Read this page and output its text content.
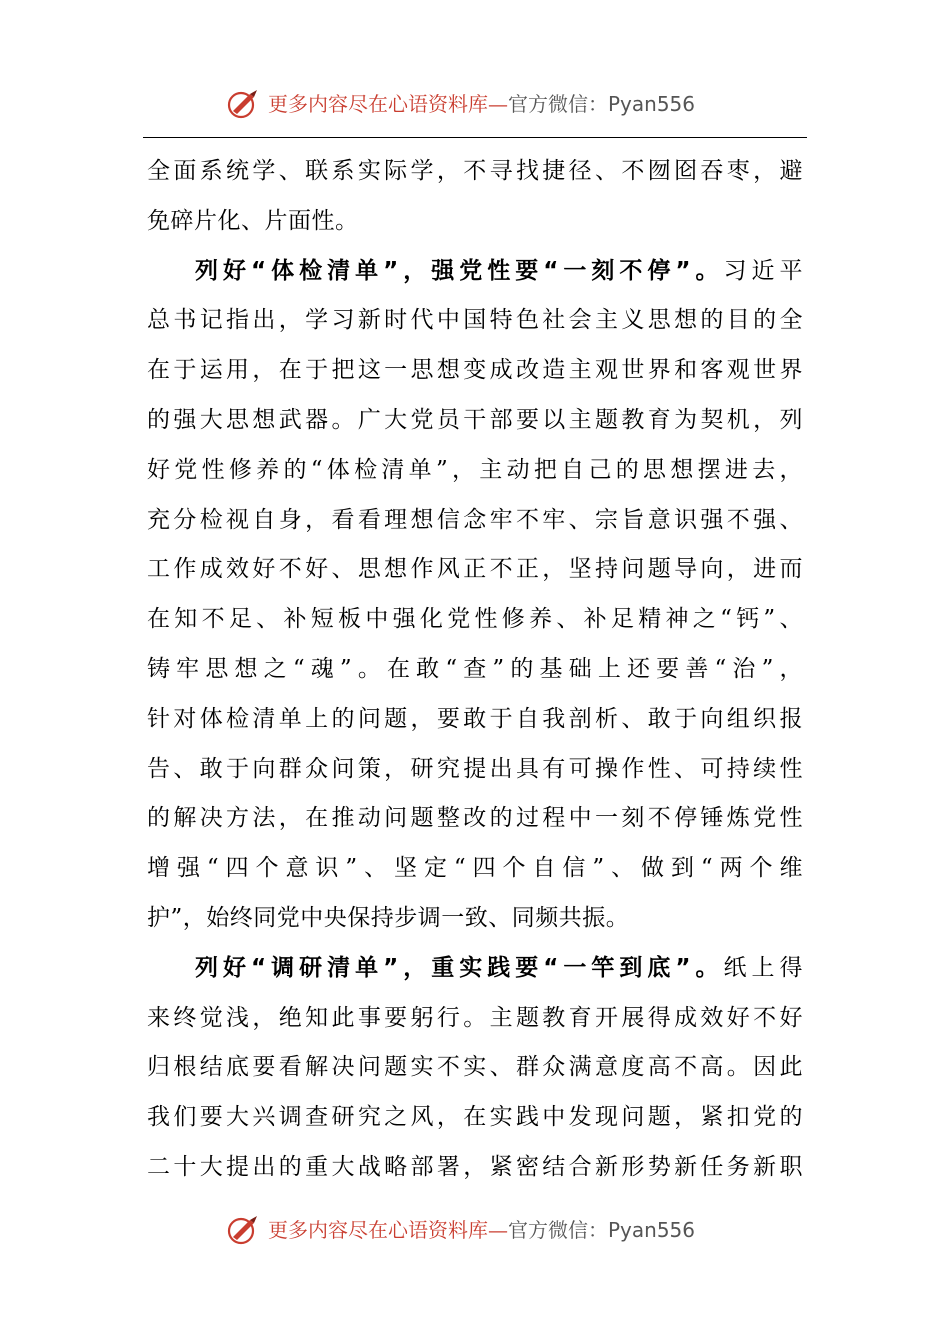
更多内容尽在心语资料库—官方微信：Pyan556
全面系统学、联系实际学，不寻找捷径、不囫囵吞枣，避
免碎片化、片面性。
列好“体检清单”，强党性要“一刻不停”。习近平
总书记指出，学习新时代中国特色社会主义思想的目的全
在于运用，在于把这一思想变成改造主观世界和客观世界
的强大思想武器。广大党员干部要以主题教育为契机，列
好党性修养的“体检清单”，主动把自己的思想摆进去，
充分检视自身，看看理想信念牢不牢、宗旨意识强不强、
工作成效好不好、思想作风正不正，坚持问题导向，进而
在知不足、补短板中强化党性修养、补足精神之“钙”、
铸牢思想之“魂”。在敢“查”的基础上还要善“治”，
针对体检清单上的问题，要敢于自我剖析、敢于向组织报
告、敢于向群众问策，研究提出具有可操作性、可持续性
的解决方法，在推动问题整改的过程中一刻不停锤炼党性
增强“四个意识”、坚定“四个自信”、做到“两个维
护”，始终同党中央保持步调一致、同频共振。
列好“调研清单”，重实践要“一竿到底”。纸上得
来终觉浅，绝知此事要躬行。主题教育开展得成效好不好
归根结底要看解决问题实不实、群众满意度高不高。因此
我们要大兴调查研究之风，在实践中发现问题，紧扣党的
二十大提出的重大战略部署，紧密结合新形势新任务新职
更多内容尽在心语资料库—官方微信：Pyan556
